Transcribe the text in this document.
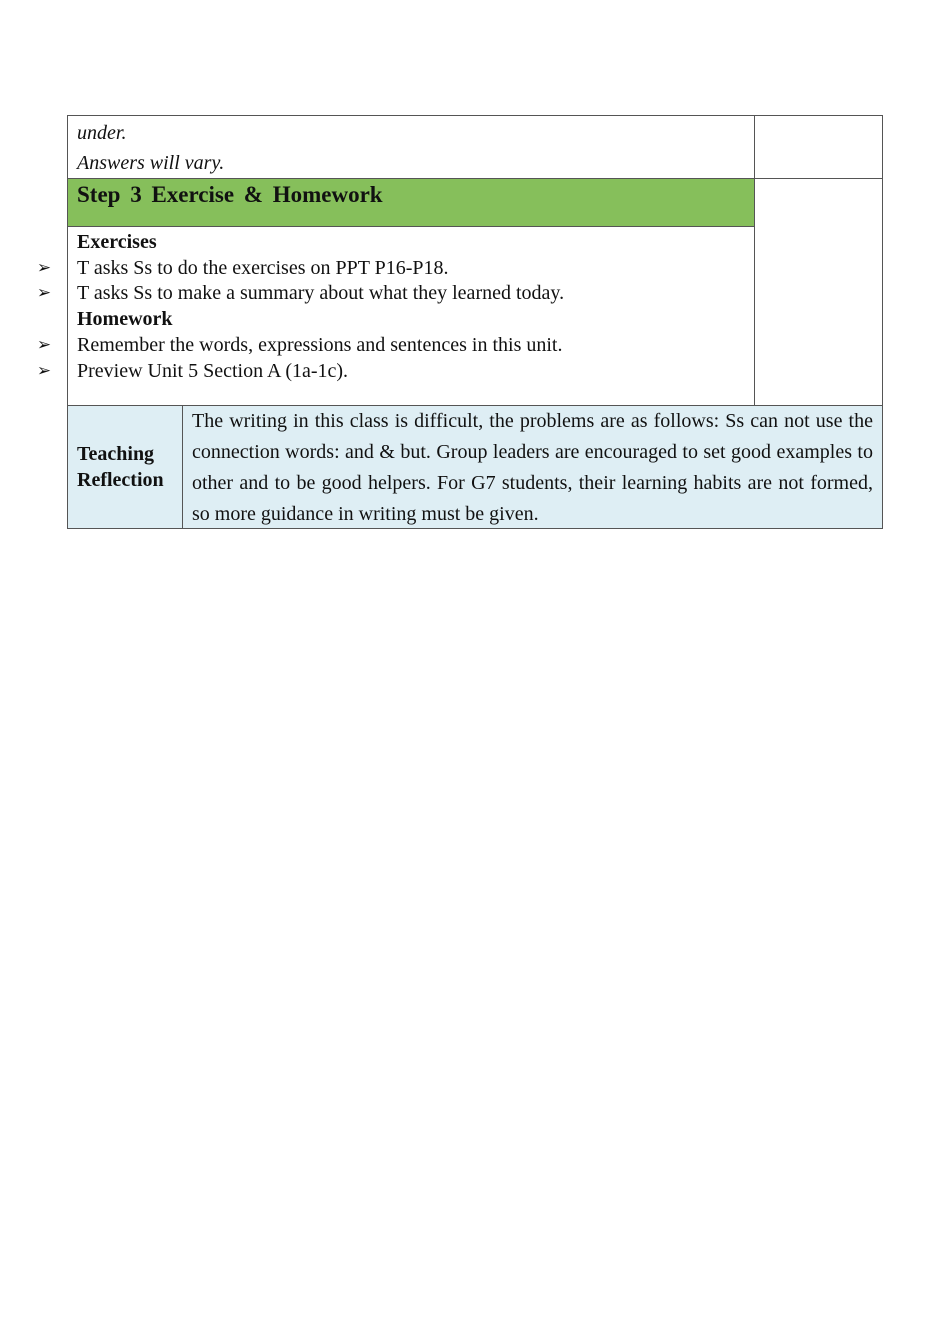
under.
Answers will vary.
Step 3 Exercise & Homework
Exercises
➢ T asks Ss to do the exercises on PPT P16-P18.
➢ T asks Ss to make a summary about what they learned today.
Homework
➢ Remember the words, expressions and sentences in this unit.
➢ Preview Unit 5 Section A (1a-1c).
Teaching
Reflection
The writing in this class is difficult, the problems are as follows: Ss can not use the connection words: and & but. Group leaders are encouraged to set good examples to other and to be good helpers. For G7 students, their learning habits are not formed, so more guidance in writing must be given.
